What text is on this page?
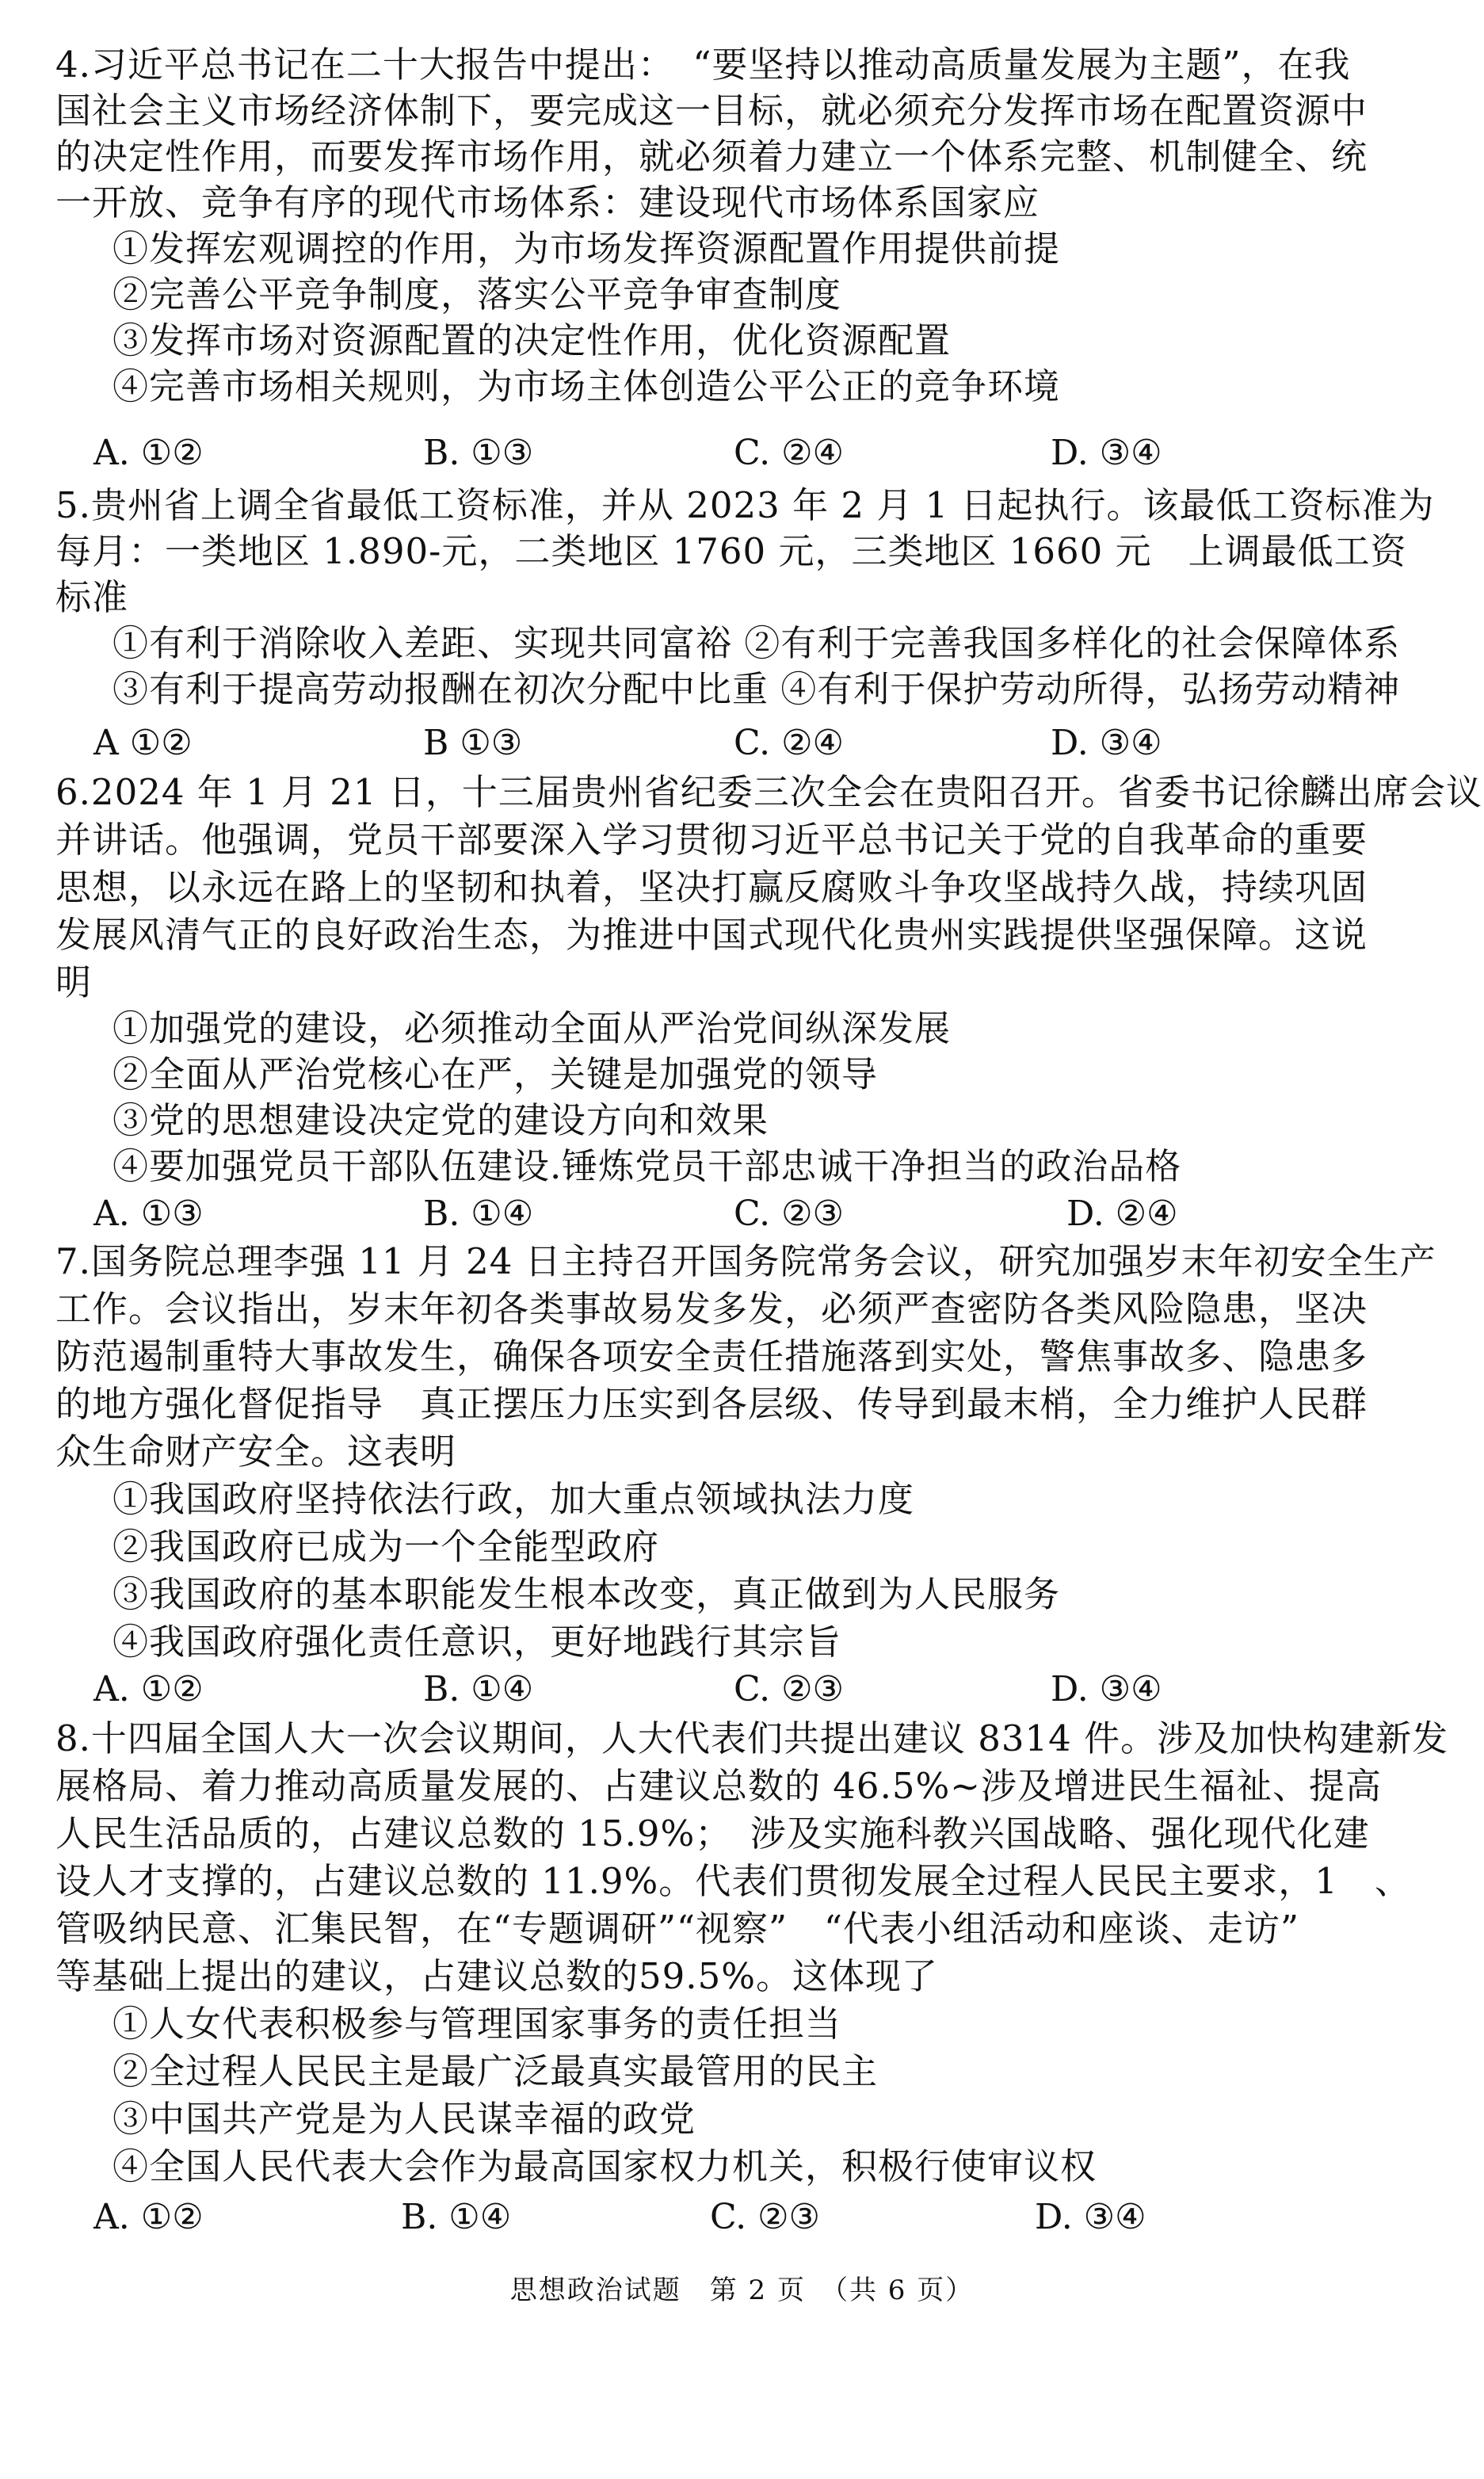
4.习近平总书记在二十大报告中提出：　“要坚持以推动高质量发展为主题”，在我
国社会主义市场经济体制下，要完成这一目标，就必须充分发挥市场在配置资源中
的决定性作用，而要发挥市场作用，就必须着力建立一个体系完整、机制健全、统
一开放、竞争有序的现代市场体系：建设现代市场体系国家应
①发挥宏观调控的作用，为市场发挥资源配置作用提供前提
②完善公平竞争制度，落实公平竞争审查制度
③发挥市场对资源配置的决定性作用，优化资源配置
④完善市场相关规则，为市场主体创造公平公正的竞争环境

A. ①②

	B. ①③

	C. ②④

	D. ③④

5.贵州省上调全省最低工资标准，并从 2023 年 2 月 1 日起执行。该最低工资标准为
每月：一类地区 1.890-元，二类地区 1760 元，三类地区 1660 元　上调最低工资
标准
①有利于消除收入差距、实现共同富裕 ②有利于完善我国多样化的社会保障体系
③有利于提高劳动报酬在初次分配中比重 ④有利于保护劳动所得，弘扬劳动精神

A ①②

	B ①③

	C. ②④

	D. ③④

6.2024 年 1 月 21 日，十三届贵州省纪委三次全会在贵阳召开。省委书记徐麟出席会议
并讲话。他强调，党员干部要深入学习贯彻习近平总书记关于党的自我革命的重要
思想，以永远在路上的坚韧和执着，坚决打赢反腐败斗争攻坚战持久战，持续巩固
发展风清气正的良好政治生态，为推进中国式现代化贵州实践提供坚强保障。这说
明
①加强党的建设，必须推动全面从严治党间纵深发展
②全面从严治党核心在严，关键是加强党的领导
③党的思想建设决定党的建设方向和效果
④要加强党员干部队伍建设.锤炼党员干部忠诚干净担当的政治品格

A. ①③

	B. ①④

	C. ②③

	D. ②④

7.国务院总理李强 11 月 24 日主持召开国务院常务会议，研究加强岁末年初安全生产
工作。会议指出，岁末年初各类事故易发多发，必须严查密防各类风险隐患，坚决
防范遏制重特大事故发生，确保各项安全责任措施落到实处，警焦事故多、隐患多
的地方强化督促指导　真正摆压力压实到各层级、传导到最末梢，全力维护人民群
众生命财产安全。这表明
①我国政府坚持依法行政，加大重点领域执法力度
②我国政府已成为一个全能型政府
③我国政府的基本职能发生根本改变，真正做到为人民服务
④我国政府强化责任意识，更好地践行其宗旨

A. ①②

	B. ①④

	C. ②③

	D. ③④

8.十四届全国人大一次会议期间，人大代表们共提出建议 8314 件。涉及加快构建新发
展格局、着力推动高质量发展的、占建议总数的 46.5%~涉及增进民生福祉、提高
人民生活品质的，占建议总数的 15.9%；　涉及实施科教兴国战略、强化现代化建
设人才支撑的，占建议总数的 11.9%。代表们贯彻发展全过程人民民主要求，1　、
管吸纳民意、汇集民智，在“专题调研”“视察”　“代表小组活动和座谈、走访”
等基础上提出的建议，占建议总数的59.5%。这体现了
①人女代表积极参与管理国家事务的责任担当
②全过程人民民主是最广泛最真实最管用的民主
③中国共产党是为人民谋幸福的政党
④全国人民代表大会作为最高国家权力机关，积极行使审议权

A. ①②

	B. ①④

	C. ②③

	D. ③④

思想政治试题　第 2 页　（共 6 页）
